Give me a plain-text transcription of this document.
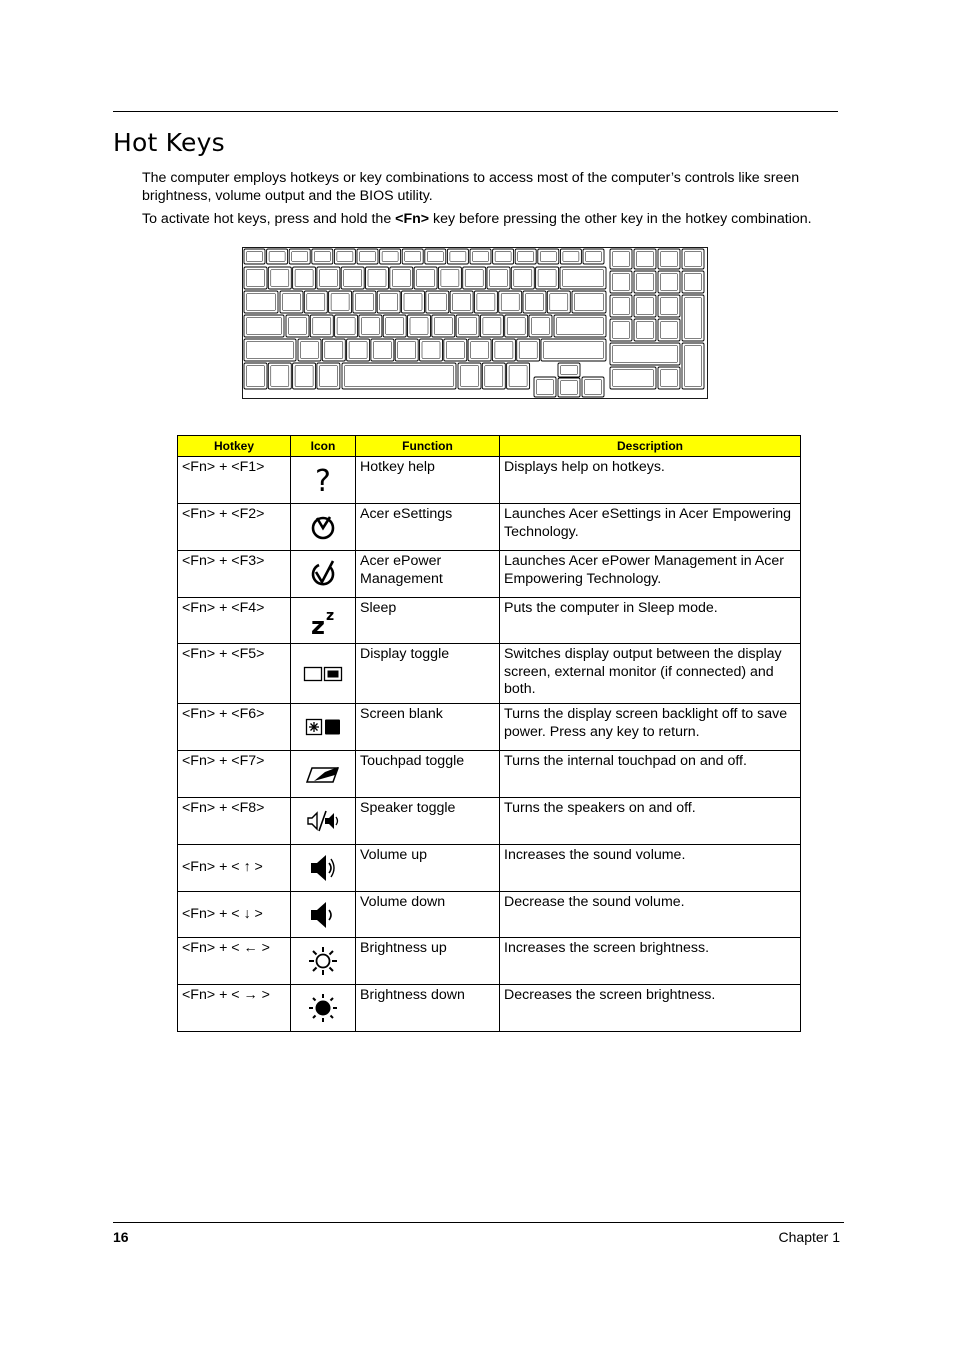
Hot Keys

The computer employs hotkeys or key combinations to access most of the computer’s controls like sreen brightness, volume output and the BIOS utility.

To activate hot keys, press and hold the <Fn> key before pressing the other key in the hotkey combination.

Hotkey	Icon	Function	Description
<Fn> + <F1>	?	Hotkey help	Displays help on hotkeys.
<Fn> + <F2>		Acer eSettings	Launches Acer eSettings in Acer Empowering Technology.
<Fn> + <F3>		Acer ePower Management	Launches Acer ePower Management in Acer Empowering Technology.
<Fn> + <F4>	z z	Sleep	Puts the computer in Sleep mode.
<Fn> + <F5>		Display toggle	Switches display output between the display screen, external monitor (if connected) and both.
<Fn> + <F6>		Screen blank	Turns the display screen backlight off to save power. Press any key to return.
<Fn> + <F7>		Touchpad toggle	Turns the internal touchpad on and off.
<Fn> + <F8>		Speaker toggle	Turns the speakers on and off.
<Fn> + < ↑ >		Volume up	Increases the sound volume.
<Fn> + < ↓ >		Volume down	Decrease the sound volume.
<Fn> + < ← >		Brightness up	Increases the screen brightness.
<Fn> + < → >		Brightness down	Decreases the screen brightness.
16	Chapter 1
